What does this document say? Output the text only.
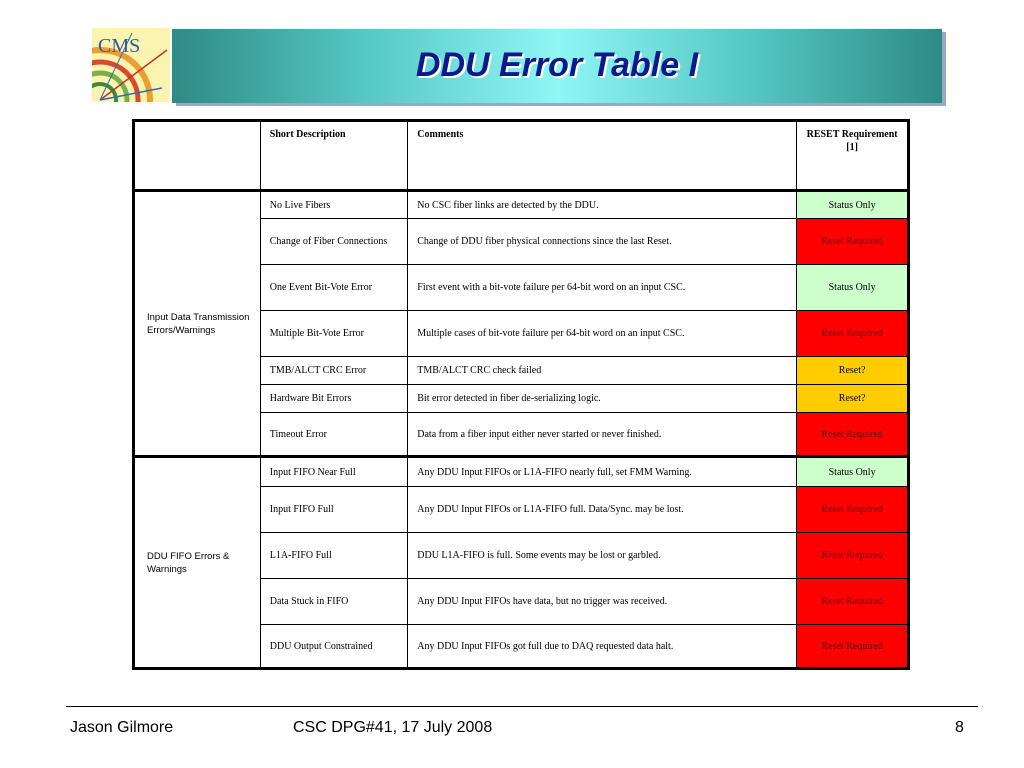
CMS	DDU Error Table I
	Short Description	Comments	RESET Requirement [1]
Input Data Transmission Errors/Warnings	No Live Fibers	No CSC fiber links are detected by the DDU.	Status Only
	Change of Fiber Connections	Change of DDU fiber physical connections since the last Reset.	Reset Required
	One Event Bit-Vote Error	First event with a bit-vote failure per 64-bit word on an input CSC.	Status Only
	Multiple Bit-Vote Error	Multiple cases of bit-vote failure per 64-bit word on an input CSC.	Reset Required
	TMB/ALCT CRC Error	TMB/ALCT CRC check failed	Reset?
	Hardware Bit Errors	Bit error detected in fiber de-serializing logic.	Reset?
	Timeout Error	Data from a fiber input either never started or never finished.	Reset Required
DDU FIFO Errors & Warnings	Input FIFO Near Full	Any DDU Input FIFOs or L1A-FIFO nearly full, set FMM Warning.	Status Only
	Input FIFO Full	Any DDU Input FIFOs or L1A-FIFO full. Data/Sync. may be lost.	Reset Required
	L1A-FIFO Full	DDU L1A-FIFO is full. Some events may be lost or garbled.	Reset Required
	Data Stuck in FIFO	Any DDU Input FIFOs have data, but no trigger was received.	Reset Required
	DDU Output Constrained	Any DDU Input FIFOs got full due to DAQ requested data halt.	Reset Required
Jason Gilmore	CSC DPG#41, 17 July 2008	8
